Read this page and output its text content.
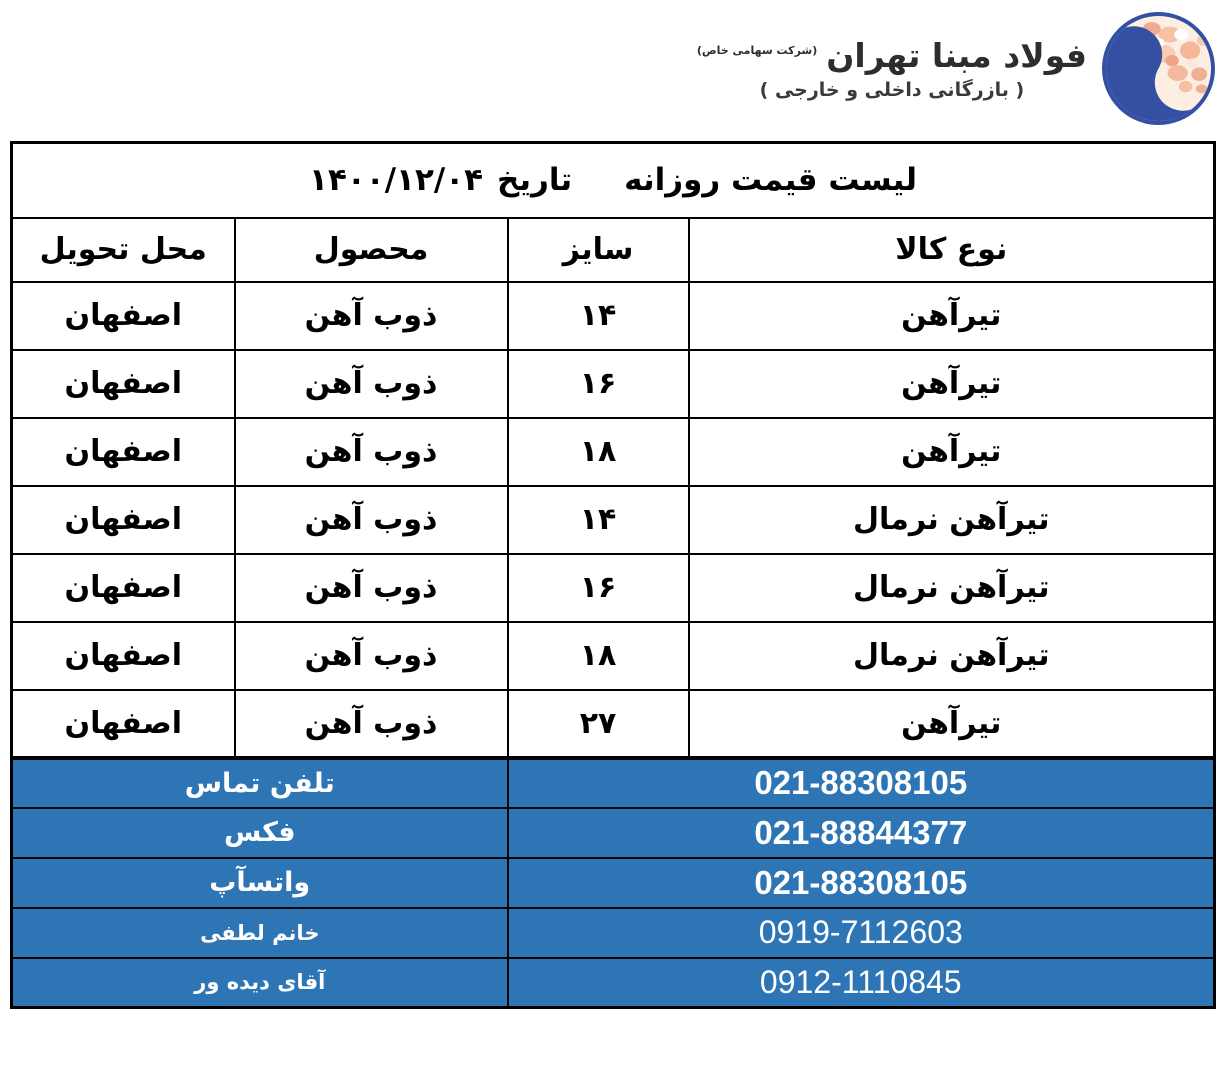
فولاد مبنا تهران
(شرکت سهامی خاص)
( بازرگانی داخلی و خارجی )
لیست قیمت روزانه
تاریخ
۱۴۰۰/۱۲/۰۴			

نوع کالا	سایز	محصول	محل تحویل
تیرآهن	۱۴	ذوب آهن	اصفهان
تیرآهن	۱۶	ذوب آهن	اصفهان
تیرآهن	۱۸	ذوب آهن	اصفهان
تیرآهن نرمال	۱۴	ذوب آهن	اصفهان
تیرآهن نرمال	۱۶	ذوب آهن	اصفهان
تیرآهن نرمال	۱۸	ذوب آهن	اصفهان
تیرآهن	۲۷	ذوب آهن	اصفهان
021-88308105		تلفن تماس	
021-88844377		فکس	
021-88308105		واتسآپ	
0919-7112603		خانم لطفی	
0912-1110845		آقای دیده ور	
